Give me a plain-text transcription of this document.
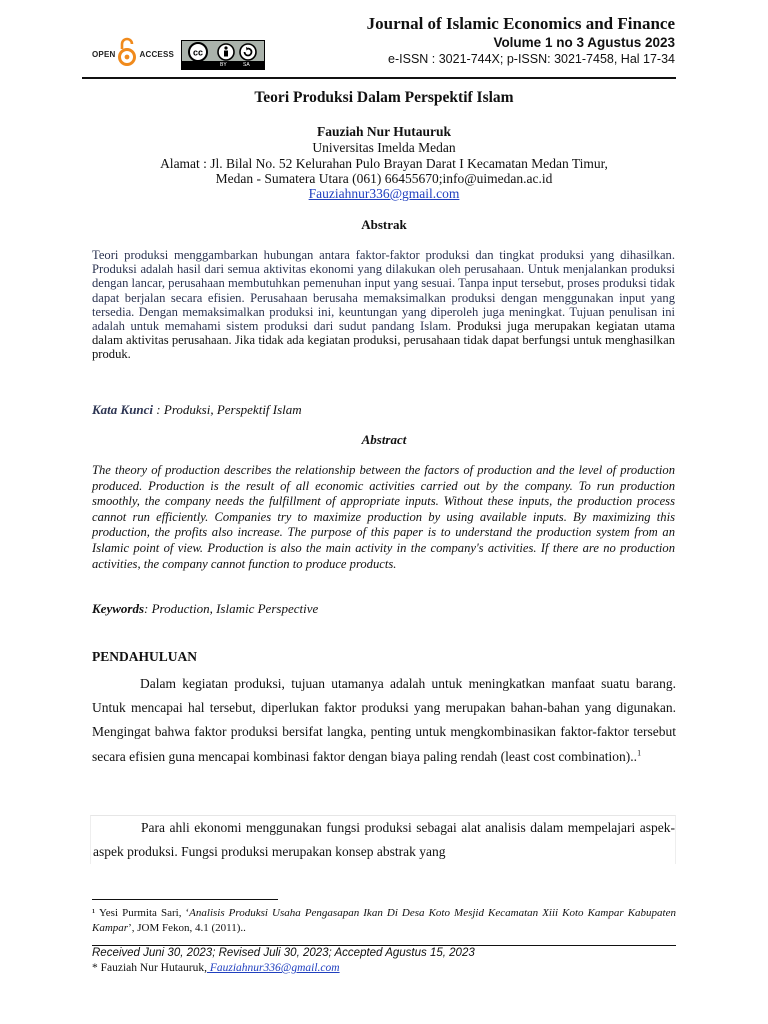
OPEN	ACCESS cc
BY	SA
Journal of Islamic Economics and Finance
Volume 1 no 3 Agustus 2023
e-ISSN : 3021-744X; p-ISSN: 3021-7458, Hal 17-34
Teori Produksi Dalam Perspektif Islam
Fauziah Nur Hutauruk
Universitas Imelda Medan
Alamat : Jl. Bilal No. 52 Kelurahan Pulo Brayan Darat I Kecamatan Medan Timur,
Medan - Sumatera Utara (061) 66455670;info@uimedan.ac.id
Fauziahnur336@gmail.com
Abstrak
Teori produksi menggambarkan hubungan antara faktor-faktor produksi dan tingkat produksi yang dihasilkan. Produksi adalah hasil dari semua aktivitas ekonomi yang dilakukan oleh perusahaan. Untuk menjalankan produksi dengan lancar, perusahaan membutuhkan pemenuhan input yang sesuai. Tanpa input tersebut, proses produksi tidak dapat berjalan secara efisien. Perusahaan berusaha memaksimalkan produksi dengan menggunakan input yang tersedia. Dengan memaksimalkan produksi ini, keuntungan yang diperoleh juga meningkat. Tujuan penulisan ini adalah untuk memahami sistem produksi dari sudut pandang Islam. Produksi juga merupakan kegiatan utama dalam aktivitas perusahaan. Jika tidak ada kegiatan produksi, perusahaan tidak dapat berfungsi untuk menghasilkan produk.
Kata Kunci : Produksi, Perspektif Islam
Abstract
The theory of production describes the relationship between the factors of production and the level of production produced. Production is the result of all economic activities carried out by the company. To run production smoothly, the company needs the fulfillment of appropriate inputs. Without these inputs, the production process cannot run efficiently. Companies try to maximize production by using available inputs. By maximizing this production, the profits also increase. The purpose of this paper is to understand the production system from an Islamic point of view. Production is also the main activity in the company's activities. If there are no production activities, the company cannot function to produce products.
Keywords: Production, Islamic Perspective
PENDAHULUAN
Dalam kegiatan produksi, tujuan utamanya adalah untuk meningkatkan manfaat suatu barang. Untuk mencapai hal tersebut, diperlukan faktor produksi yang merupakan bahan-bahan yang digunakan. Mengingat bahwa faktor produksi bersifat langka, penting untuk mengkombinasikan faktor-faktor tersebut secara efisien guna mencapai kombinasi faktor dengan biaya paling rendah (least cost combination)..$^1$
Para ahli ekonomi menggunakan fungsi produksi sebagai alat analisis dalam mempelajari aspek-aspek produksi. Fungsi produksi merupakan konsep abstrak yang
¹ Yesi Purmita Sari, ‘Analisis Produksi Usaha Pengasapan Ikan Di Desa Koto Mesjid Kecamatan Xiii Koto Kampar Kabupaten Kampar’, JOM Fekon, 4.1 (2011)..
Received Juni 30, 2023; Revised Juli 30, 2023; Accepted Agustus 15, 2023
* Fauziah Nur Hutauruk, Fauziahnur336@gmail.com
